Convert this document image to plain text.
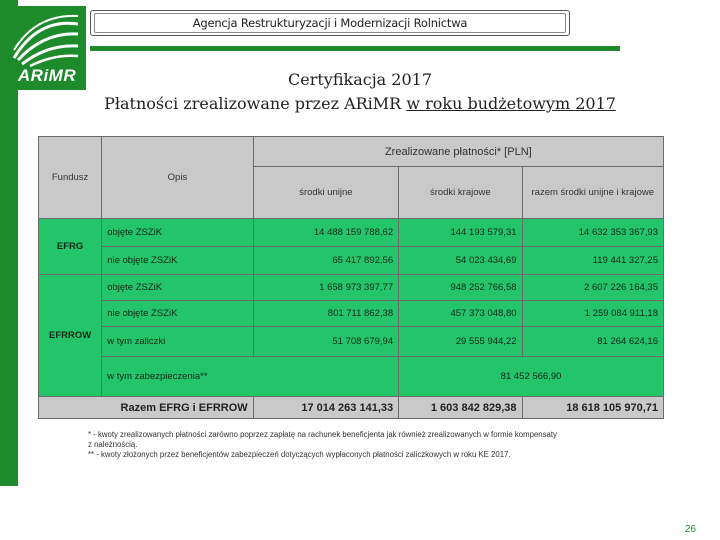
ARiMR
Agencja Restrukturyzacji i Modernizacji Rolnictwa
Certyfikacja 2017
Płatności zrealizowane przez ARiMR w roku budżetowym 2017
Fundusz	Opis	Zrealizowane płatności* [PLN]		
		środki unijne	środki krajowe	razem środki unijne i krajowe
EFRG	objęte ZSZiK	14 488 159 788,62	144 193 579,31	14 632 353 367,93
	nie objęte ZSZiK	65 417 892,56	54 023 434,69	119 441 327,25
EFRROW	objęte ZSZiK	1 658 973 397,77	948 252 766,58	2 607 226 164,35
	nie objęte ZSZiK	801 711 862,38	457 373 048,80	1 259 084 911,18
	w tym zaliczki	51 708 679,94	29 555 944,22	81 264 624,16
	w tym zabezpieczenia**		81 452 566,90	
Razem EFRG i EFRROW		17 014 263 141,33	1 603 842 829,38	18 618 105 970,71
* - kwoty zrealizowanych płatności zarówno poprzez zapłatę na rachunek beneficjenta jak również zrealizowanych w formie kompensaty
z należnością.
** - kwoty złożonych przez beneficjentów zabezpieczeń dotyczących wypłaconych płatności zaliczkowych w roku KE 2017.
26
